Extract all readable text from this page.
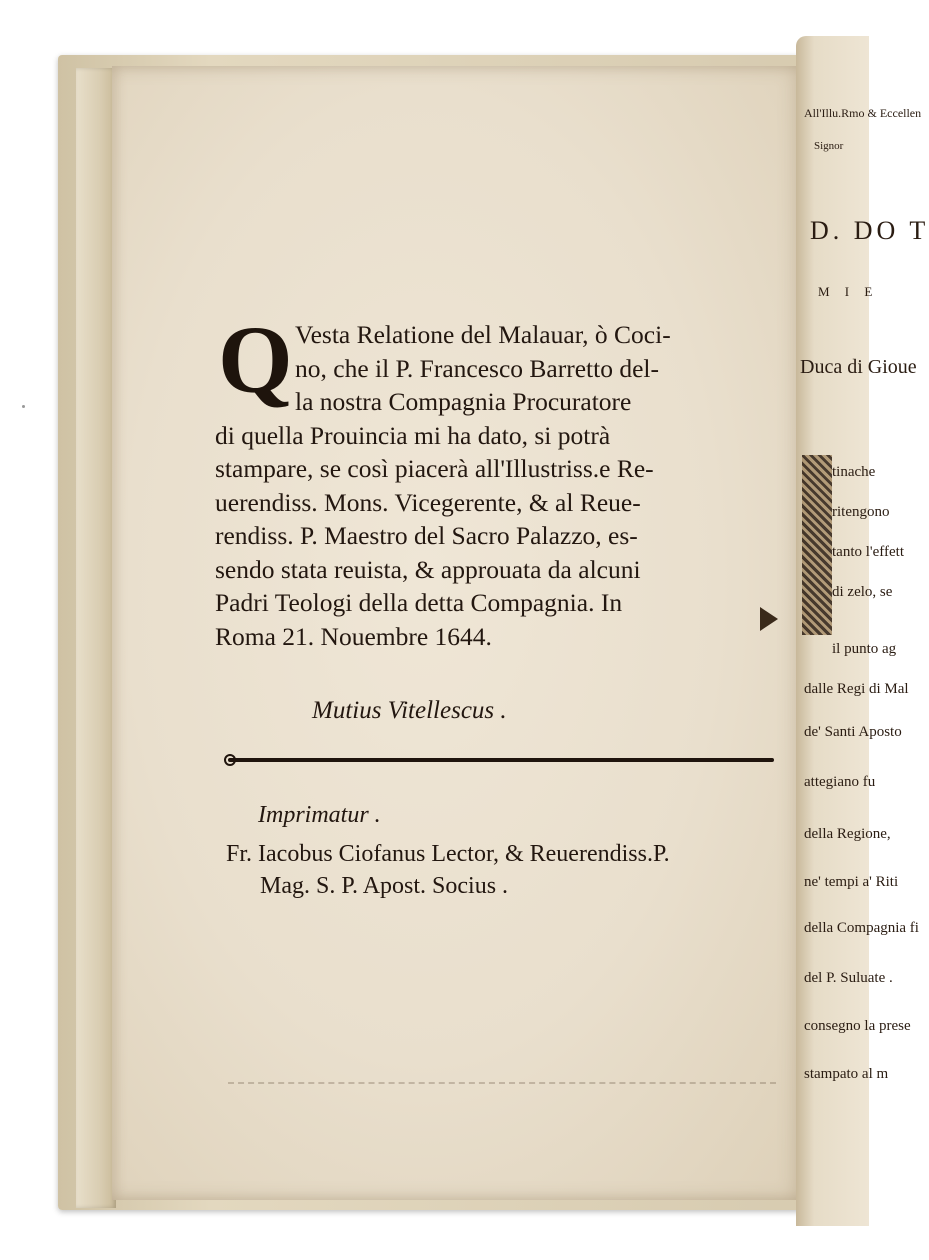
All'Illu.Rmo & Eccellen
Signor
D. DO T
M I E
Duca di Gioue
tinache
ritengono
tanto l'effett
di zelo, se
il punto ag
dalle Regi di Mal
de' Santi Aposto
attegiano fu
della Regione,
ne' tempi a' Riti
della Compagnia fi
del P. Suluate .
consegno la prese
stampato al m
Q Vesta Relatione del Malauar, ò Coci-
no, che il P. Francesco Barretto del-
la nostra Compagnia Procuratore
di quella Prouincia mi ha dato, si potrà
stampare, se così piacerà all'Illustriss.e Re-
uerendiss. Mons. Vicegerente, & al Reue-
rendiss. P. Maestro del Sacro Palazzo, es-
sendo stata reuista, & approuata da alcuni
Padri Teologi della detta Compagnia. In
Roma 21. Nouembre 1644.
Mutius Vitellescus .
Imprimatur .
Fr. Iacobus Ciofanus Lector, & Reuerendiss.P.
Mag. S. P. Apost. Socius .
